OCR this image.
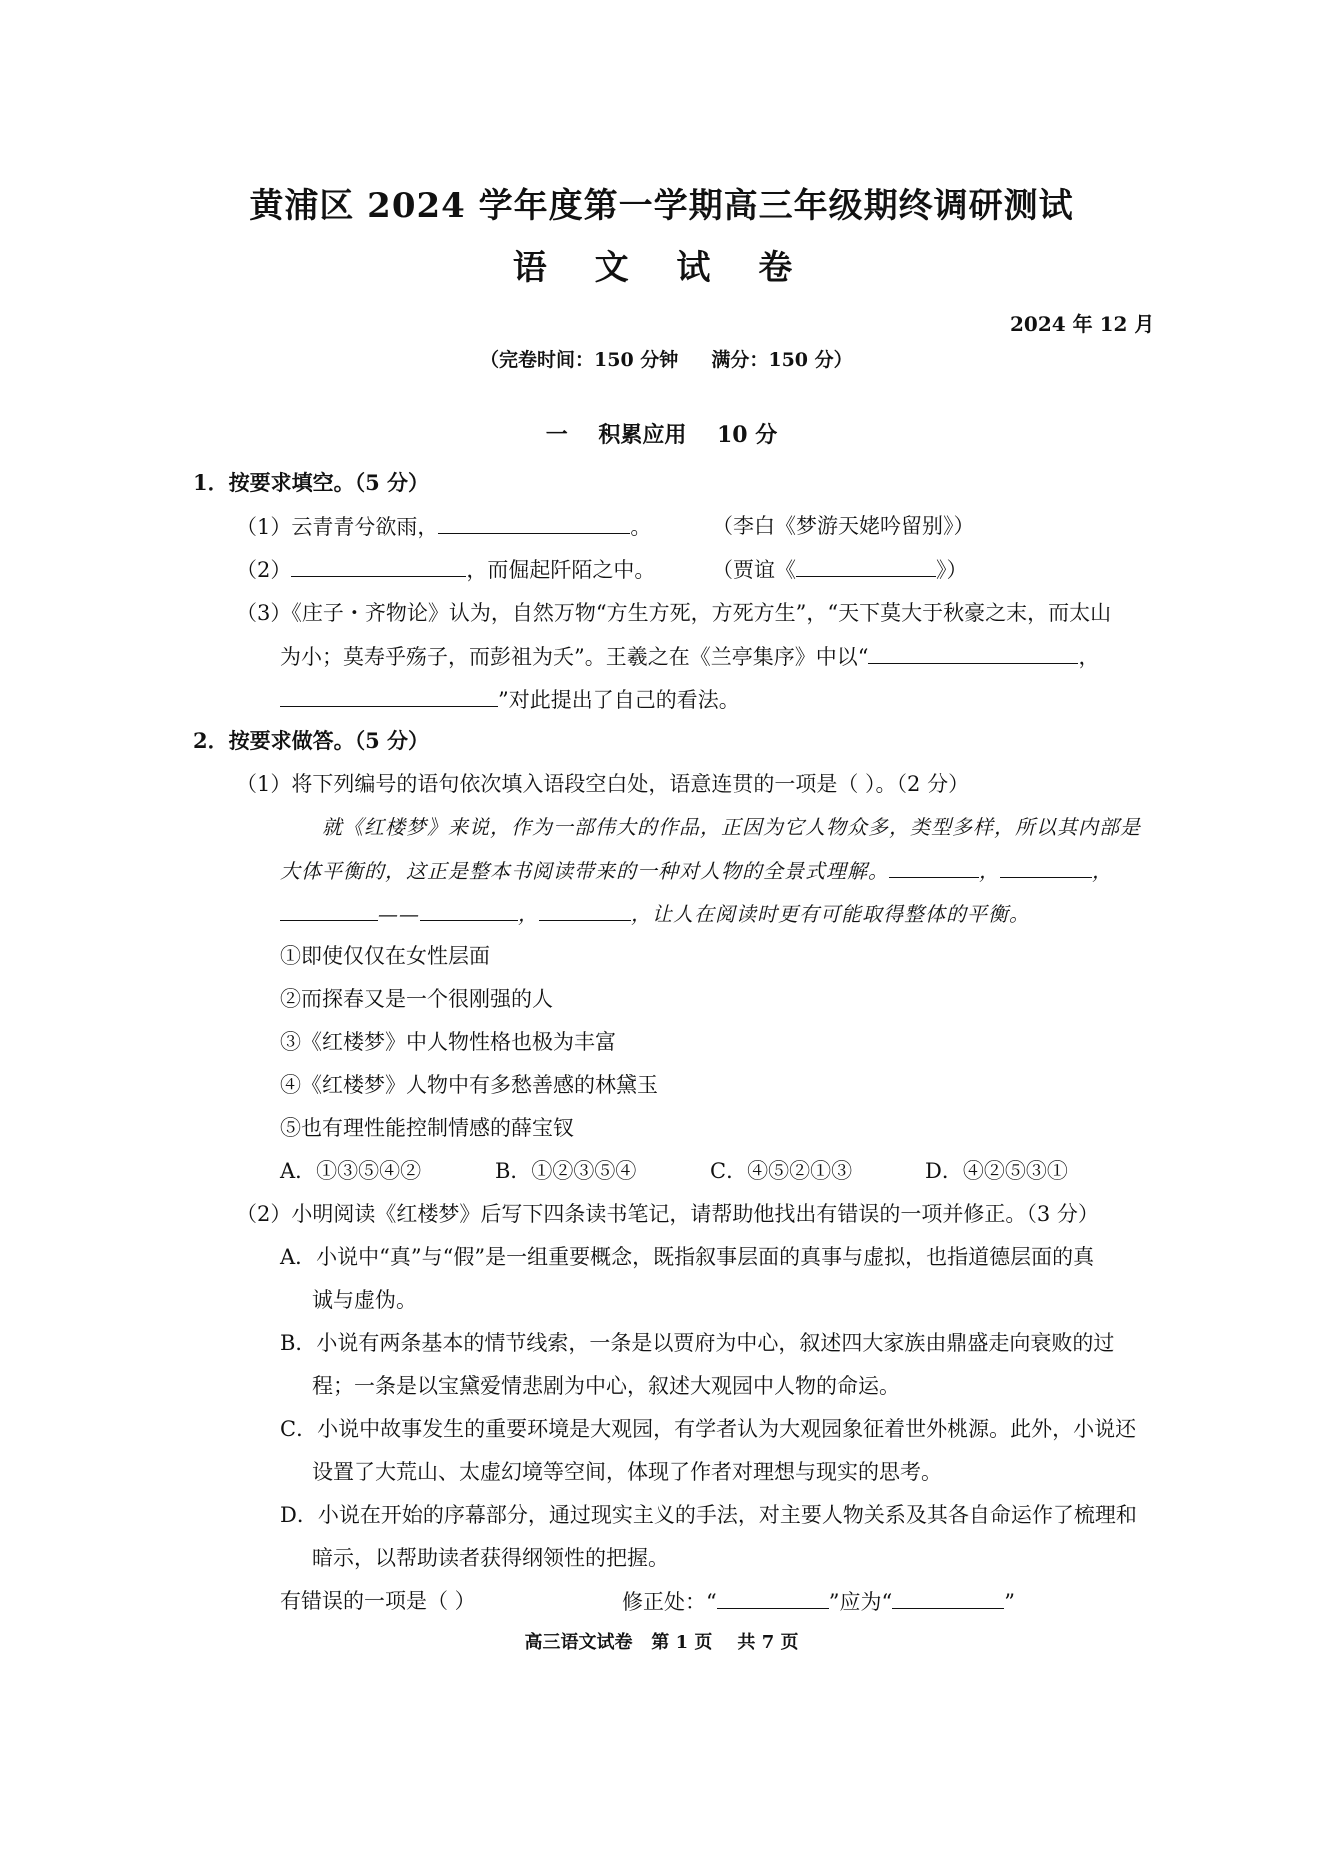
黄浦区 2024 学年度第一学期高三年级期终调研测试
语 文 试 卷
2024 年 12 月
（完卷时间：150 分钟     满分：150 分）
一    积累应用    10 分
1．按要求填空。（5 分）
（1）云青青兮欲雨，	。	（李白《梦游天姥吟留别》）
（2）	，而倔起阡陌之中。	（贾谊《	》）
（3）《庄子・齐物论》认为，自然万物“方生方死，方死方生”，“天下莫大于秋豪之末，而太山
为小；莫寿乎殇子，而彭祖为夭”。王羲之在《兰亭集序》中以“	，
”对此提出了自己的看法。
2．按要求做答。（5 分）
（1）将下列编号的语句依次填入语段空白处，语意连贯的一项是（ ）。（2 分）
就《红楼梦》来说，作为一部伟大的作品，正因为它人物众多，类型多样，所以其内部是
大体平衡的，这正是整本书阅读带来的一种对人物的全景式理解。	，	，
——	，	，让人在阅读时更有可能取得整体的平衡。
①即使仅仅在女性层面
②而探春又是一个很刚强的人
③《红楼梦》中人物性格也极为丰富
④《红楼梦》人物中有多愁善感的林黛玉
⑤也有理性能控制情感的薛宝钗
A．①③⑤④②	B．①②③⑤④	C．④⑤②①③	D．④②⑤③①
（2）小明阅读《红楼梦》后写下四条读书笔记，请帮助他找出有错误的一项并修正。（3 分）
A．小说中“真”与“假”是一组重要概念，既指叙事层面的真事与虚拟，也指道德层面的真
诚与虚伪。
B．小说有两条基本的情节线索，一条是以贾府为中心，叙述四大家族由鼎盛走向衰败的过
程；一条是以宝黛爱情悲剧为中心，叙述大观园中人物的命运。
C．小说中故事发生的重要环境是大观园，有学者认为大观园象征着世外桃源。此外，小说还
设置了大荒山、太虚幻境等空间，体现了作者对理想与现实的思考。
D．小说在开始的序幕部分，通过现实主义的手法，对主要人物关系及其各自命运作了梳理和
暗示，以帮助读者获得纲领性的把握。
有错误的一项是（ ）	修正处：“	”应为“	”
高三语文试卷   第 1 页    共 7 页
